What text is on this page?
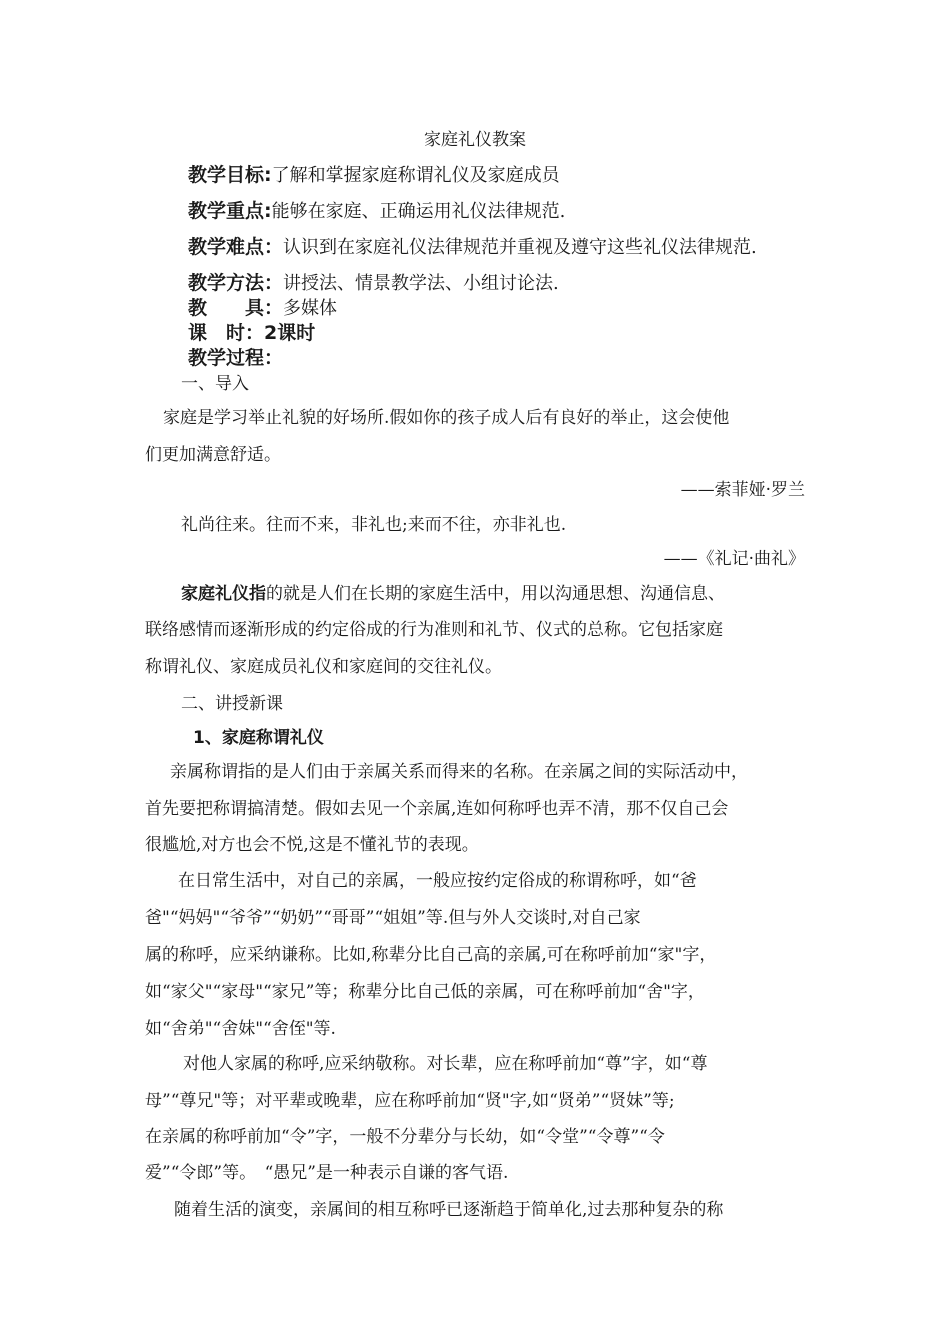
家庭礼仪教案
教学目标:了解和掌握家庭称谓礼仪及家庭成员
教学重点:能够在家庭、正确运用礼仪法律规范.
教学难点：认识到在家庭礼仪法律规范并重视及遵守这些礼仪法律规范.
教学方法：讲授法、情景教学法、小组讨论法.
教　　具：多媒体
课　时：2课时
教学过程：
一、导入
家庭是学习举止礼貌的好场所.假如你的孩子成人后有良好的举止，这会使他
们更加满意舒适。
——索菲娅·罗兰
礼尚往来。往而不来，非礼也;来而不往，亦非礼也.
——《礼记·曲礼》
家庭礼仪指的就是人们在长期的家庭生活中，用以沟通思想、沟通信息、
联络感情而逐渐形成的约定俗成的行为准则和礼节、仪式的总称。它包括家庭
称谓礼仪、家庭成员礼仪和家庭间的交往礼仪。
二、讲授新课
1、家庭称谓礼仪
亲属称谓指的是人们由于亲属关系而得来的名称。在亲属之间的实际活动中，
首先要把称谓搞清楚。假如去见一个亲属,连如何称呼也弄不清，那不仅自己会
很尴尬,对方也会不悦,这是不懂礼节的表现。
在日常生活中，对自己的亲属，一般应按约定俗成的称谓称呼，如“爸
爸"“妈妈"“爷爷”“奶奶”“哥哥”“姐姐”等.但与外人交谈时,对自己家
属的称呼，应采纳谦称。比如,称辈分比自己高的亲属,可在称呼前加“家"字，
如“家父"“家母"“家兄”等；称辈分比自己低的亲属，可在称呼前加“舍"字，
如“舍弟"“舍妹"“舍侄"等.
对他人家属的称呼,应采纳敬称。对长辈，应在称呼前加“尊”字，如“尊
母”“尊兄"等；对平辈或晚辈，应在称呼前加“贤"字,如“贤弟”“贤妹”等;
在亲属的称呼前加“令”字，一般不分辈分与长幼，如“令堂”“令尊”“令
爱”“令郎”等。　“愚兄”是一种表示自谦的客气语.
随着生活的演变，亲属间的相互称呼已逐渐趋于简单化,过去那种复杂的称
